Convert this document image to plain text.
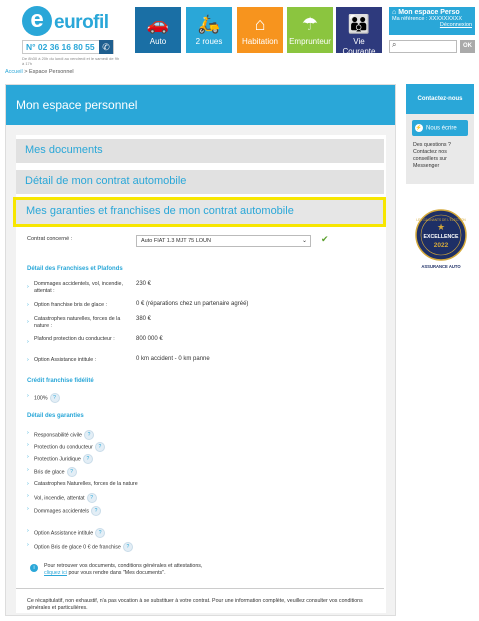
e eurofil
N° 02 36 16 80 55 ✆
De 8h30 à 20h du lundi au vendredi et le samedi de 9h à 17h
🚗
Auto
🛵
2 roues
⌂
Habitation
☂
Emprunteur
👪
Vie Courante
⌂ Mon espace Perso
Ma référence : XXXXXXXXX
Déconnexion
⌕	OK
Accueil > Espace Personnel
Mon espace personnel
Mes documents
Détail de mon contrat automobile
Mes garanties et franchises de mon contrat automobile
Contrat concerné :	Auto FIAT 1.3 MJT 75 LOUN	⌄ ✔
Détail des Franchises et Plafonds
› Dommages accidentels, vol, incendie, attentat :
230 €
› Option franchise bris de glace :	0 € (réparations chez un partenaire agréé)
› Catastrophes naturelles, forces de la nature :
380 €
› Plafond protection du conducteur :	800 000 €
› Option Assistance intitule :	0 km accident - 0 km panne
Crédit franchise fidélité
› 100% ?
Détail des garanties
› Responsabilité civile ?
› Protection du conducteur ?
› Protection Juridique ?
› Bris de glace ?
› Catastrophes Naturelles, forces de la nature
› Vol, incendie, attentat ?
› Dommages accidentels ?
› Option Assistance intitule ?
› Option Bris de glace 0 € de franchise ?
i	Pour retrouver vos documents, conditions générales et attestations,
cliquez ici pour vous rendre dans "Mes documents".
Ce récapitulatif, non exhaustif, n'a pas vocation à se substituer à votre contrat. Pour une information complète, veuillez consulter vos conditions générales et particulières.
Contactez-nous
⚡ Nous écrire
Des questions ? Contactez nos conseillers sur Messenger
LES GAGNANTS DE L'ÉLECTION
★
EXCELLENCE
2022
ASSURANCE AUTO
